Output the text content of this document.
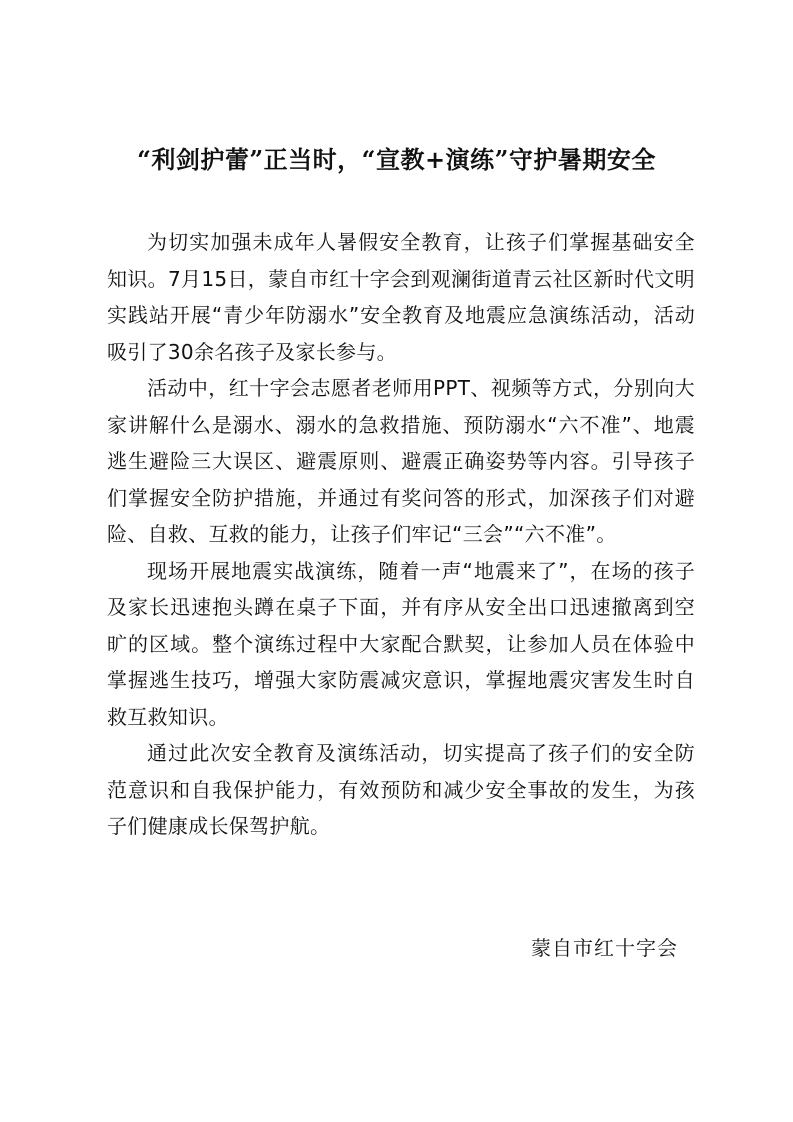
“利剑护蕾”正当时，“宣教+演练”守护暑期安全

为切实加强未成年人暑假安全教育，让孩子们掌握基础安全知识。7月15日，蒙自市红十字会到观澜街道青云社区新时代文明实践站开展“青少年防溺水”安全教育及地震应急演练活动，活动吸引了30余名孩子及家长参与。

活动中，红十字会志愿者老师用PPT、视频等方式，分别向大家讲解什么是溺水、溺水的急救措施、预防溺水“六不准”、地震逃生避险三大误区、避震原则、避震正确姿势等内容。引导孩子们掌握安全防护措施，并通过有奖问答的形式，加深孩子们对避险、自救、互救的能力，让孩子们牢记“三会”“六不准”。

现场开展地震实战演练，随着一声“地震来了”，在场的孩子及家长迅速抱头蹲在桌子下面，并有序从安全出口迅速撤离到空旷的区域。整个演练过程中大家配合默契，让参加人员在体验中掌握逃生技巧，增强大家防震减灾意识，掌握地震灾害发生时自救互救知识。

通过此次安全教育及演练活动，切实提高了孩子们的安全防范意识和自我保护能力，有效预防和减少安全事故的发生，为孩子们健康成长保驾护航。

蒙自市红十字会
